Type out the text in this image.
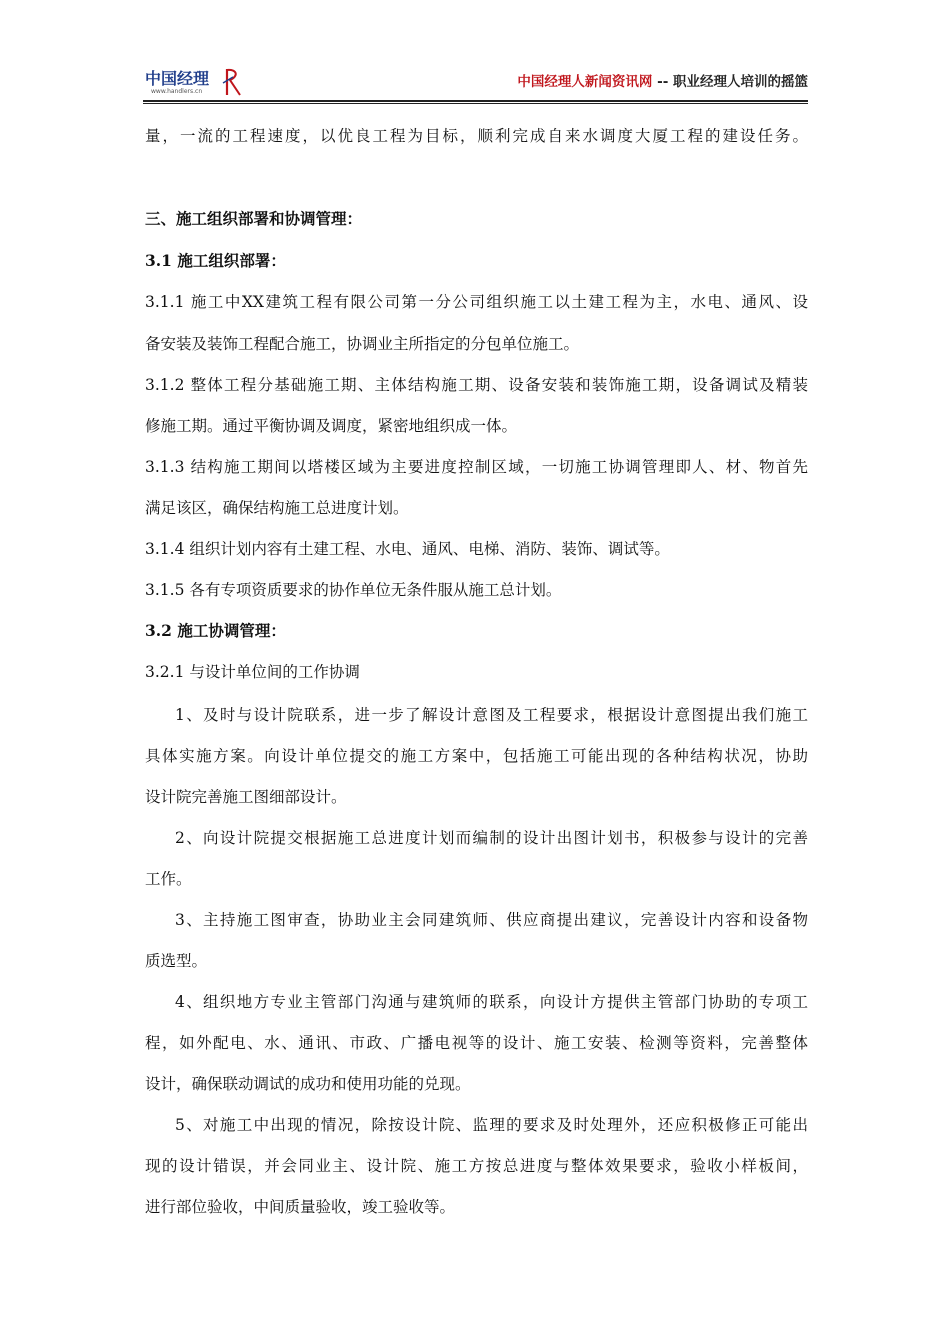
中国经理
www.handlers.cn
中国经理人新闻资讯网 -- 职业经理人培训的摇篮
量，一流的工程速度，以优良工程为目标，顺利完成自来水调度大厦工程的建设任务。
三、施工组织部署和协调管理：
3.1 施工组织部署：
3.1.1 施工中XX建筑工程有限公司第一分公司组织施工以土建工程为主，水电、通风、设
备安装及装饰工程配合施工，协调业主所指定的分包单位施工。
3.1.2 整体工程分基础施工期、主体结构施工期、设备安装和装饰施工期，设备调试及精装
修施工期。通过平衡协调及调度，紧密地组织成一体。
3.1.3 结构施工期间以塔楼区域为主要进度控制区域，一切施工协调管理即人、材、物首先
满足该区，确保结构施工总进度计划。
3.1.4 组织计划内容有土建工程、水电、通风、电梯、消防、装饰、调试等。
3.1.5 各有专项资质要求的协作单位无条件服从施工总计划。
3.2 施工协调管理：
3.2.1 与设计单位间的工作协调
1、及时与设计院联系，进一步了解设计意图及工程要求，根据设计意图提出我们施工
具体实施方案。向设计单位提交的施工方案中，包括施工可能出现的各种结构状况，协助
设计院完善施工图细部设计。
2、向设计院提交根据施工总进度计划而编制的设计出图计划书，积极参与设计的完善
工作。
3、主持施工图审查，协助业主会同建筑师、供应商提出建议，完善设计内容和设备物
质选型。
4、组织地方专业主管部门沟通与建筑师的联系，向设计方提供主管部门协助的专项工
程，如外配电、水、通讯、市政、广播电视等的设计、施工安装、检测等资料，完善整体
设计，确保联动调试的成功和使用功能的兑现。
5、对施工中出现的情况，除按设计院、监理的要求及时处理外，还应积极修正可能出
现的设计错误，并会同业主、设计院、施工方按总进度与整体效果要求，验收小样板间，
进行部位验收，中间质量验收，竣工验收等。
